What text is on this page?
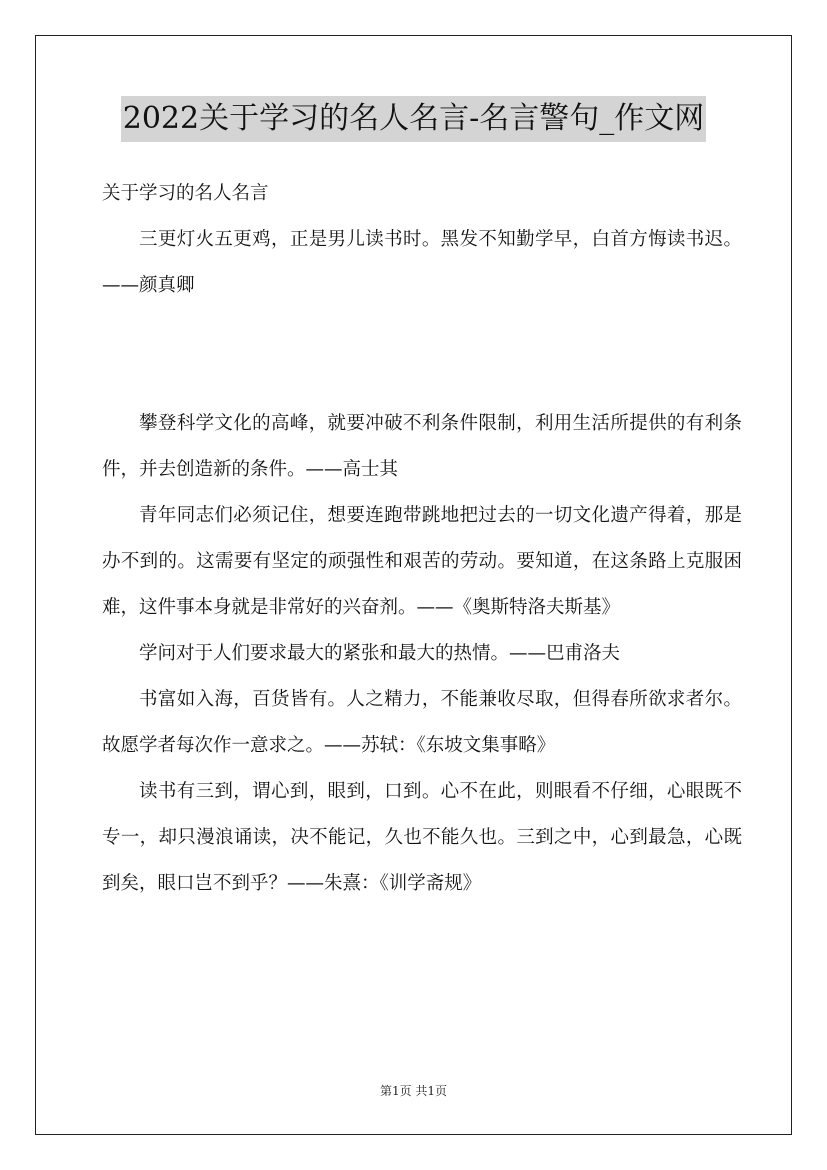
2022关于学习的名人名言-名言警句_作文网

关于学习的名人名言

三更灯火五更鸡，正是男儿读书时。黑发不知勤学早，白首方悔读书迟。——颜真卿

攀登科学文化的高峰，就要冲破不利条件限制，利用生活所提供的有利条件，并去创造新的条件。——高士其

青年同志们必须记住，想要连跑带跳地把过去的一切文化遗产得着，那是办不到的。这需要有坚定的顽强性和艰苦的劳动。要知道，在这条路上克服困难，这件事本身就是非常好的兴奋剂。——《奥斯特洛夫斯基》

学问对于人们要求最大的紧张和最大的热情。——巴甫洛夫

书富如入海，百货皆有。人之精力，不能兼收尽取，但得春所欲求者尔。故愿学者每次作一意求之。——苏轼：《东坡文集事略》

读书有三到，谓心到，眼到，口到。心不在此，则眼看不仔细，心眼既不专一，却只漫浪诵读，决不能记，久也不能久也。三到之中，心到最急，心既到矣，眼口岂不到乎？——朱熹：《训学斋规》

第1页 共1页
